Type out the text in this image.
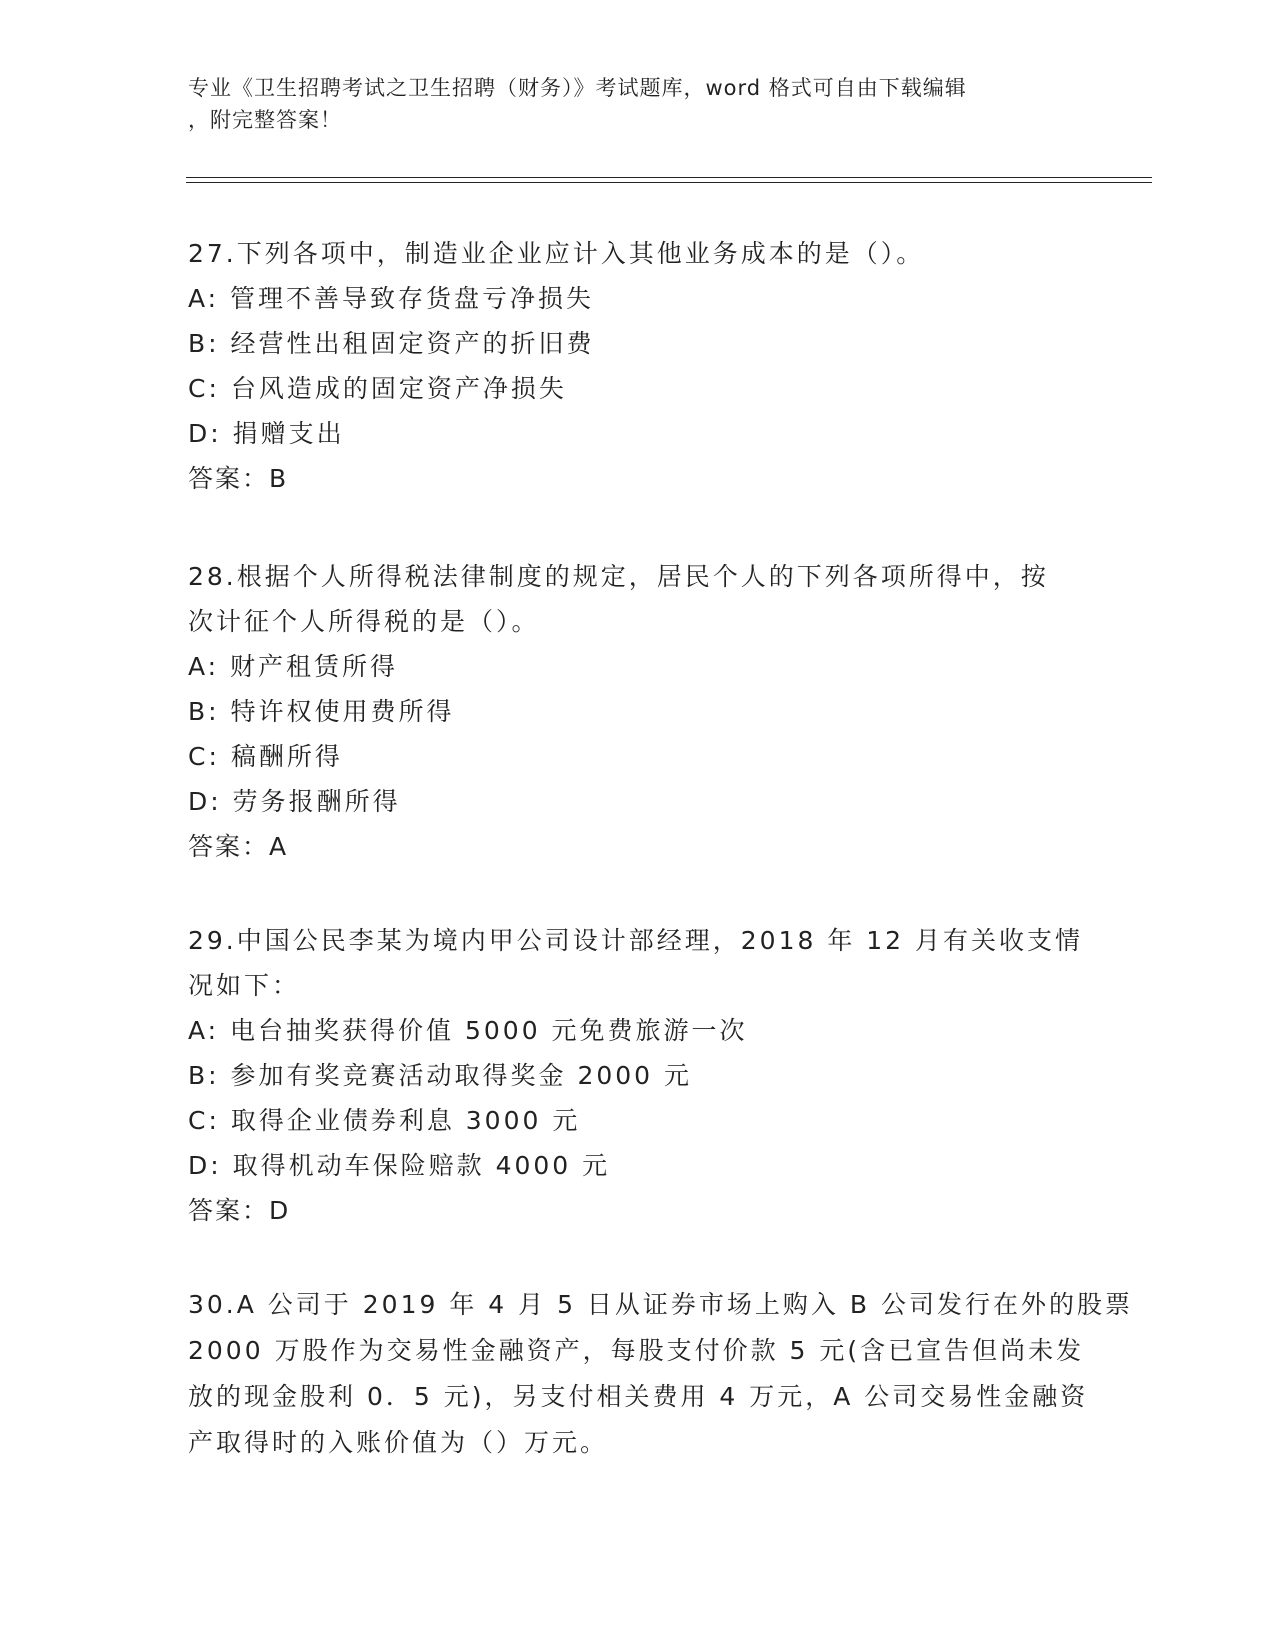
专业《卫生招聘考试之卫生招聘（财务）》考试题库，word 格式可自由下载编辑
，附完整答案！
27.下列各项中，制造业企业应计入其他业务成本的是（）。
A: 管理不善导致存货盘亏净损失
B: 经营性出租固定资产的折旧费
C: 台风造成的固定资产净损失
D: 捐赠支出
答案：B
28.根据个人所得税法律制度的规定，居民个人的下列各项所得中，按
次计征个人所得税的是（）。
A: 财产租赁所得
B: 特许权使用费所得
C: 稿酬所得
D: 劳务报酬所得
答案：A
29.中国公民李某为境内甲公司设计部经理，2018 年 12 月有关收支情
况如下：
A: 电台抽奖获得价值 5000 元免费旅游一次
B: 参加有奖竞赛活动取得奖金 2000 元
C: 取得企业债券利息 3000 元
D: 取得机动车保险赔款 4000 元
答案：D
30.A 公司于 2019 年 4 月 5 日从证券市场上购入 B 公司发行在外的股票
2000 万股作为交易性金融资产，每股支付价款 5 元(含已宣告但尚未发
放的现金股利 0．5 元)，另支付相关费用 4 万元，A 公司交易性金融资
产取得时的入账价值为（）万元。
